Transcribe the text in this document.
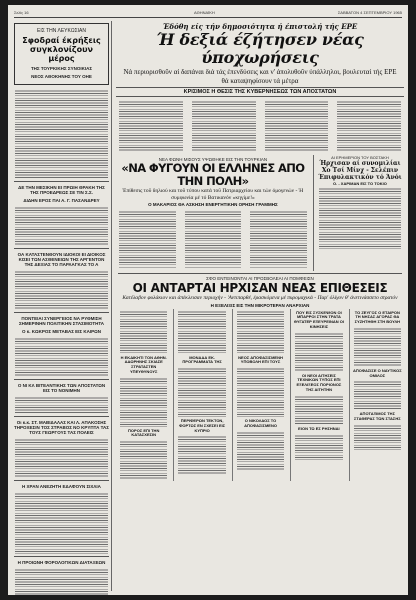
Σελίς 16	ΑΘΗΝΑΪΚΗ	ΣΑΒΒΑΤΟΝ 4 ΣΕΠΤΕΜΒΡΙΟΥ 1965
ΕΙΣ ΤΗΝ ΛΕΥΚΩΣΙΑΝ
Σφοδραί έκρήξεις συγκλονίζουν μέρος
ΤΗΣ ΤΟΥΡΚΙΚΗΣ ΣΥΝΟΙΚΙΑΣ
ΝΕΟΣ ΑΘΟΚΗΝΗΣ ΤΟΥ ΟΗΕ
ΔΕ ΤΗΝ ΜΕΣΙΚΗΝ ΕΙ ΠΡΩΙΗ ΘΡΑΚΗ ΤΗΣ ΤΗΣ ΠΡΟΕΔΡΕΩΣ ΣΕ ΤΙΝ Σ.Σ.
ΔΙΔΗΝ ΕΡΟΣ ΠΑΙ Α. Γ. ΠΑΣΑΝΔΡΕΥ
ΟΑ ΚΑΤΑΣΤΕΝΘΟΥΝ ΙΔΙΟΚΟΙ ΕΙ ΔΙΟΙΚΟΣ ΚΙΣΕΙ ΤΩΝ ΑΣΘΕΝΕΙΩΝ ΤΗΣ ΑΡΓΕΝΤΟΝ ΤΗΣ ΔΕΞΙΑΣ ΤΟ ΠΑΡΛΑΓΚΑΣ ΤΟ Α
ΠΟΝΤΕΙΑΙ ΣΥΝΕΡΓΕΙΟΣ ΝΑ ΡΥΘΜΙΣΗ ΣΗΜΕΡΙΝΗΝ ΠΟΛΙΤΙΚΗΝ ΣΤΑΣΙΜΟΤΗΤΑ
Ο κ. ΚΩΚΡΟΣ ΜΕΤΑΒΑΣ ΕΙΣ ΚΑΙΡΩΝ
Ο ΝΙ ΚΛ ΒΙΤΕΑΝΤΙΚΗΣ ΤΩΝ ΑΠΟΣΤΑΤΩΝ ΕΙΣ ΤΟ ΝΟΝΙΜΗΝ
Οι κ.κ. ΣΤ. ΜΑΒΙΔΑΛΑΣ ΚΑΙ Λ. ΑΠΑΚΟΣΗΣ ΤΗΡΟΧΕΣΙΝ ΤΟΣ ΣΤΡΑΒΟΣ ΝΟ ΚΡΥΠΤΑ ΤΑΣ ΤΟΥΣ ΓΕΩΡΓΟΥΣ ΤΑΣ ΠΟΛΕΙΣ
Η ΧΡΑΝ ΑΝΕΖΗΤΗ ΕΔΑΦΟΥΝ ΣΙΧΛΙΑ
Η ΠΡΟΙΩΝΗ ΦΟΡΟΛΟΓΙΚΩΝ ΔΙΑΤΑΞΕΩΝ
Έδόθη είς τήν δημοσιότητα ή έπιστολή τής ΕΡΕ
Ή δεξιά έζήτησεν νέας ύποχωρήσεις
Νά περιορισθοῦν αί δαπάναι διά τάς έπενδύσεις και ν' άπολυθοῦν ύπάλληλοι, βουλευταί τής ΕΡΕ θά καταψηφίσουν τά μέτρα
ΚΡΙΣΙΜΟΣ Η ΘΕΣΙΣ ΤΗΣ ΚΥΒΕΡΝΗΣΕΩΣ ΤΩΝ ΑΠΟΣΤΑΤΩΝ
ΝΕΑ ΦΩΝΗ ΜΙΣΟΥΣ ΥΨΩΘΗΚΕ ΕΙΣ ΤΗΝ ΤΟΥΡΚΙΑΝ
«ΝΑ ΦΥΓΟΥΝ ΟΙ ΕΛΛΗΝΕΣ ΑΠΟ ΤΗΝ ΠΟΛΗ»
Έπίθεσις τοΰ δηλιού και τοΰ τύπου κατά τοΰ Πατριαρχείου και τών όμογενών - Ή συμφωνία μέ τό Βατικανόν «κηγίμε!»
Ο ΜΑΚΑΡΙΟΣ ΘΑ ΑΣΚΗΣΗ ΕΝΕΡΓΗΤΙΚΗΝ ΟΡΗΣΗ ΓΡΑΜΜΗΣ
ΑΙ ΕΡΗΜΕΡΙΟΝ ΤΟΥ ΒΟΣΤΑΚΗ
Ήρχισαν αί συνομιλίαι Χο Τσί Μίνχ - Σελέπιν
Έπιφυλακτικόν τό Άνόι
Ο. - ΧΑΡΙΜΑΝ ΕΙΣ ΤΟ ΤΟΚΙΟ
ΣΦΟ ΕΝΤΕΙΝΟΝΤΑΙ ΑΙ ΠΡΟΣΒΟΛΕΑΙ ΑΙ ΠΟΜΦΕΙΣΝ
ΟΙ ΑΝΤΑΡΤΑΙ ΗΡΧΙΣΑΝ ΝΕΑΣ ΕΠΙΘΕΣΕΙΣ
Κατέλαβον φυλάκιον και άπέκλεισαν περιοχήν - 'Αντιπαρθέ, έρασκόμενα μέ πυρομαχικά - Παρ' όλίγον θ' άνετινάσσετο στρατόν
Η ΕΞΕΛΙΞΙΣ ΕΙΣ ΤΗΝ ΜΙΚΡΟΤΕΡΑΝ ΑΝΑΡΧΙΑΝ
Η ΕΚΔΙΚΗΤΙ ΤΟΝ ΑΘΗΝ. ΑΔΩΡΗΝΗΣ ΣΚΙΑΣΕ ΣΤΡΑΤΑΣΤΕΝ ΥΠΕΥΘΥΝΟΥΣ
ΠΟΡΟΣ ΕΠΙ ΤΗΝ ΚΑΤΑΣΧΕΣΙΝ
ΜΟΝΑΔΑ ΕΚ. ΠΡΟΓΡΑΜΜΑΤΑ ΤΗΣ
ΠΕΡΙΦΕΡΩΝ ΤΕΚΤΟΝ, ΦΟΡΤΩΣ ΕΝ ΣΧΕΣΕΙ ΕΙΣ ΚΥΠΡΙΟ
ΝΕΟΣ ΑΠΟΦΑΣΙΣΜΕΝΗ ΥΠΟΒΟΛΗ ΕΠΙ ΤΟΥΣ
Ο ΝΙΚΟΛΑΟΣ ΤΟ ΑΠΟΦΑΣΙΣΜΕΝΟ
ΠΟΥ ΕΙΣ ΣΥΣΚΕΨΙΟΝ ΟΙ ΜΠΑΡΡΟΙ ΣΤΗΝ ΤΡΑΤΑ ΘΥΓΑΤΕΡ ΕΞΕΥΡΕΙΝΑΝ ΟΙ ΚΙΝΗΣΕΙΣ
ΟΙ ΝΕΟΙ ΑΙΤΗΣΕΙΣ ΤΕΧΝΙΚΩΝ ΤΥΠΟΣ ΕΠΙ ΕΞΕΛΙΞΕΟΣ ΠΟΡΙΟΝΟΣ ΤΗΣ ΑΙΤΗΤΗΝ
ΕΙΟΝ ΤΩ ΕΣ ΡΗΣΗΝΑΙ
ΤΟ ΖΕΥΓΟΣ Ο ΕΤΑΙΡΟΝ ΤΗ ΝΗΣΑΣ ΑΓΟΡΑΣ ΘΑ ΣΥΖΗΤΗΘΗ ΣΤΗ ΒΟΥΛΗ
ΑΠΟΦΑΣΙΣΕ Ο ΝΑΥΤΙΚΟΣ ΟΜΙΛΟΣ
ΑΠΟΤΑΞΙΜΟΣ ΤΗΣ ΣΤΑΘΕΡΑΣ ΤΩΝ ΣΤΑΣΗΣ
